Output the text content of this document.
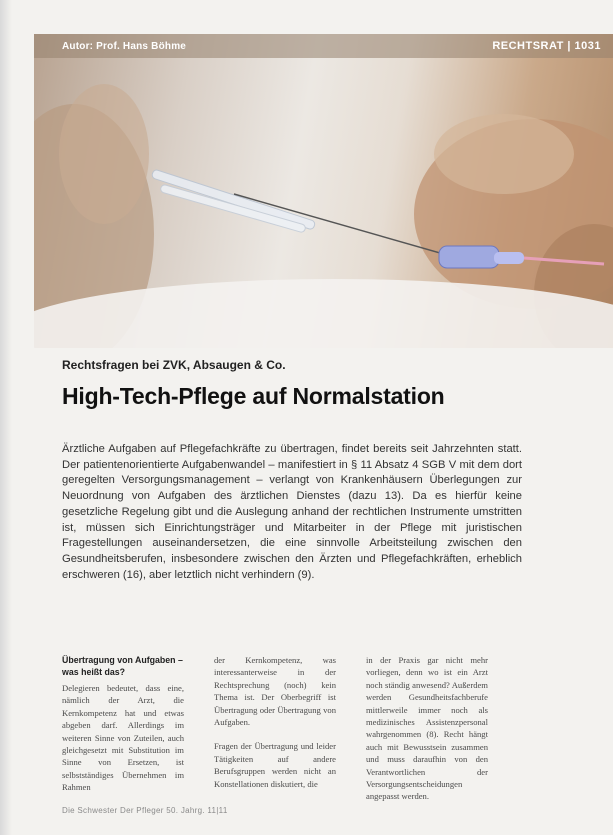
Autor: Prof. Hans Böhme	RECHTSRAT | 1031
Rechtsfragen bei ZVK, Absaugen & Co.
High-Tech-Pflege auf Normalstation

Ärztliche Aufgaben auf Pflegefachkräfte zu übertragen, findet bereits seit Jahrzehnten statt. Der patientenorientierte Aufgabenwandel – manifestiert in § 11 Absatz 4 SGB V mit dem dort geregelten Versorgungsmanagement – verlangt von Krankenhäusern Überlegungen zur Neuordnung von Aufgaben des ärztlichen Dienstes (dazu 13). Da es hierfür keine gesetzliche Regelung gibt und die Auslegung anhand der rechtlichen Instrumente umstritten ist, müssen sich Einrichtungsträger und Mitarbeiter in der Pflege mit juristischen Fragestellungen auseinandersetzen, die eine sinnvolle Arbeitsteilung zwischen den Gesundheitsberufen, insbesondere zwischen den Ärzten und Pflegefachkräften, erheblich erschweren (16), aber letztlich nicht verhindern (9).

Übertragung von Aufgaben – was heißt das?

Delegieren bedeutet, dass eine, nämlich der Arzt, die Kernkompetenz hat und etwas abgeben darf. Allerdings im weiteren Sinne von Zuteilen, auch gleichgesetzt mit Substitution im Sinne von Ersetzen, ist selbstständiges Übernehmen im Rahmen

der Kernkompetenz, was interessanterweise in der Rechtsprechung (noch) kein Thema ist. Der Oberbegriff ist Übertragung oder Übertragung von Aufgaben.

Fragen der Übertragung und leider Tätigkeiten auf andere Berufsgruppen werden nicht an Konstellationen diskutiert, die

in der Praxis gar nicht mehr vorliegen, denn wo ist ein Arzt noch ständig anwesend? Außerdem werden Gesundheitsfachberufe mittlerweile immer noch als medizinisches Assistenzpersonal wahrgenommen (8). Recht hängt auch mit Bewusstsein zusammen und muss daraufhin von den Verantwortlichen der Versorgungsentscheidungen angepasst werden.

Die Schwester Der Pfleger 50. Jahrg. 11|11
